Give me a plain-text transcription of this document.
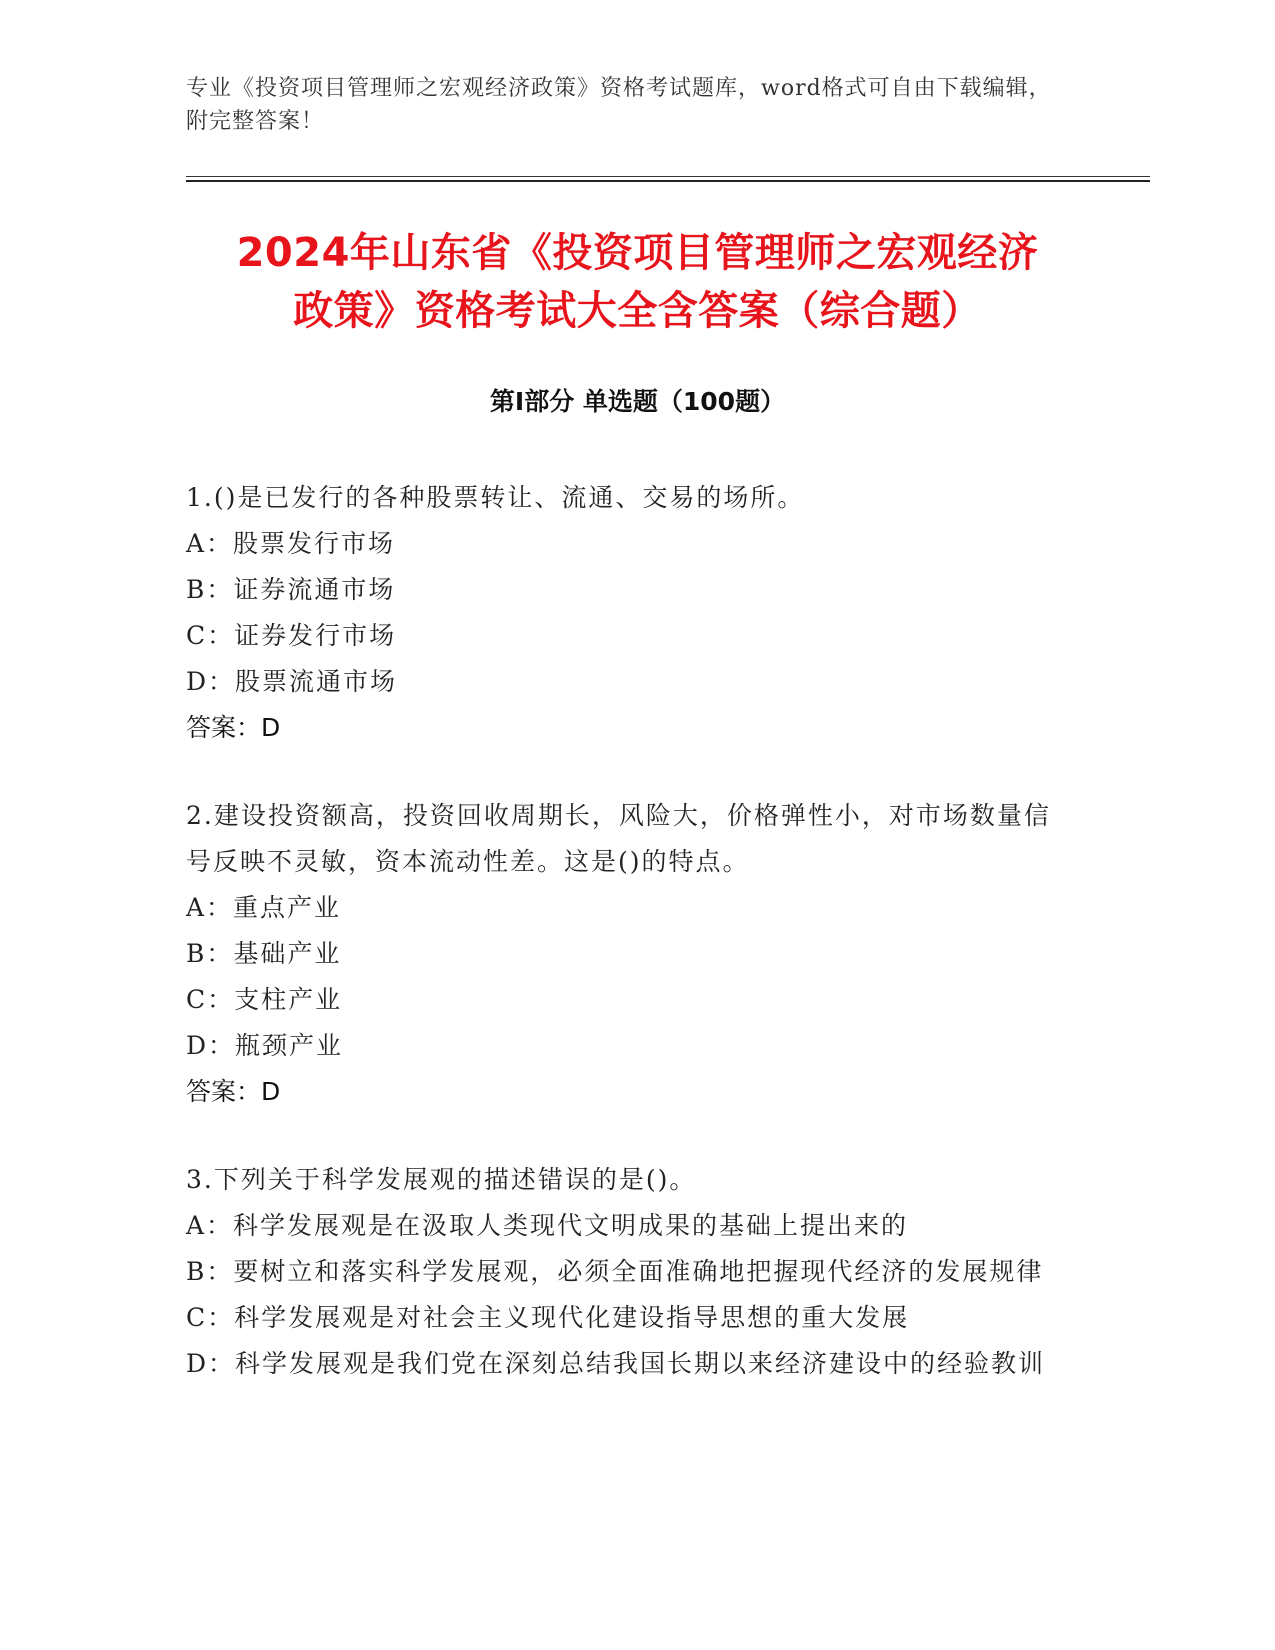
专业《投资项目管理师之宏观经济政策》资格考试题库，word格式可自由下载编辑，附完整答案！
2024年山东省《投资项目管理师之宏观经济
政策》资格考试大全含答案（综合题）
第I部分 单选题（100题）
1.()是已发行的各种股票转让、流通、交易的场所。
A：股票发行市场
B：证券流通市场
C：证券发行市场
D：股票流通市场
答案：D
2.建设投资额高，投资回收周期长，风险大，价格弹性小，对市场数量信号反映不灵敏，资本流动性差。这是()的特点。
A：重点产业
B：基础产业
C：支柱产业
D：瓶颈产业
答案：D
3.下列关于科学发展观的描述错误的是()。
A：科学发展观是在汲取人类现代文明成果的基础上提出来的
B：要树立和落实科学发展观，必须全面准确地把握现代经济的发展规律
C：科学发展观是对社会主义现代化建设指导思想的重大发展
D：科学发展观是我们党在深刻总结我国长期以来经济建设中的经验教训
